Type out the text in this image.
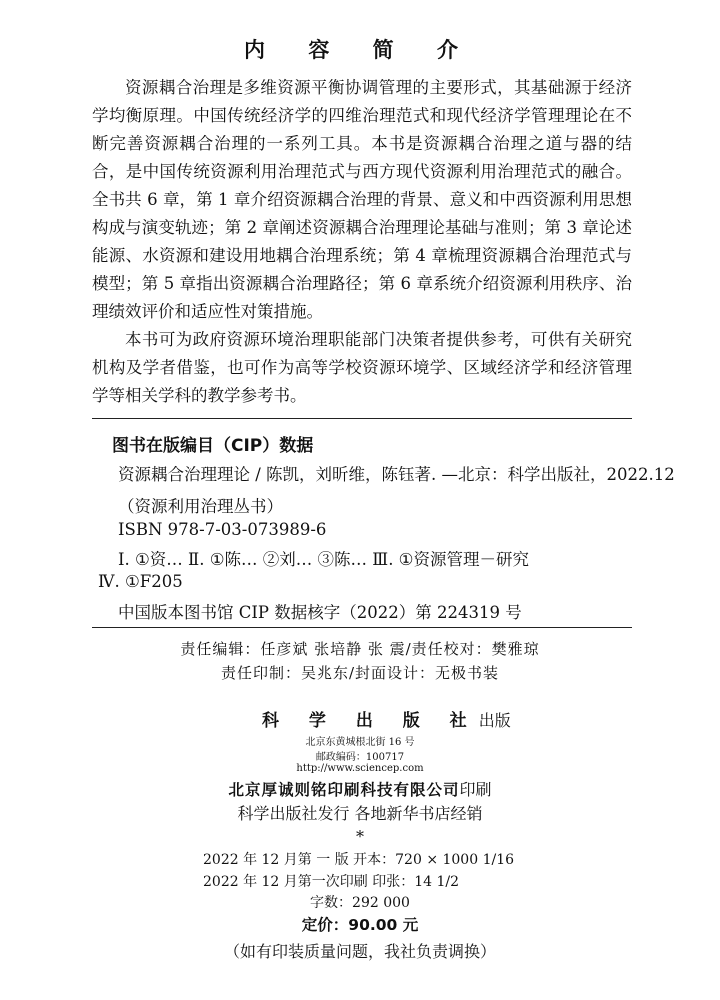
内 容 简 介

资源耦合治理是多维资源平衡协调管理的主要形式，其基础源于经济学均衡原理。中国传统经济学的四维治理范式和现代经济学管理理论在不断完善资源耦合治理的一系列工具。本书是资源耦合治理之道与器的结合，是中国传统资源利用治理范式与西方现代资源利用治理范式的融合。全书共 6 章，第 1 章介绍资源耦合治理的背景、意义和中西资源利用思想构成与演变轨迹；第 2 章阐述资源耦合治理理论基础与准则；第 3 章论述能源、水资源和建设用地耦合治理系统；第 4 章梳理资源耦合治理范式与模型；第 5 章指出资源耦合治理路径；第 6 章系统介绍资源利用秩序、治理绩效评价和适应性对策措施。

本书可为政府资源环境治理职能部门决策者提供参考，可供有关研究机构及学者借鉴，也可作为高等学校资源环境学、区域经济学和经济管理学等相关学科的教学参考书。

图书在版编目（CIP）数据
资源耦合治理理论 / 陈凯，刘昕维，陈钰著. —北京：科学出版社，2022.12
（资源利用治理丛书）
ISBN 978-7-03-073989-6
Ⅰ. ①资… Ⅱ. ①陈… ②刘… ③陈… Ⅲ. ①资源管理－研究
Ⅳ. ①F205
中国版本图书馆 CIP 数据核字（2022）第 224319 号
责任编辑：任彦斌 张培静 张 震/责任校对：樊雅琼
责任印制：吴兆东/封面设计：无极书装
科 学 出 版 社出版
北京东黄城根北街 16 号
邮政编码：100717
http://www.sciencep.com
北京厚诚则铭印刷科技有限公司印刷
科学出版社发行 各地新华书店经销
*
2022 年 12 月第 一 版 开本：720 × 1000 1/16
2022 年 12 月第一次印刷 印张：14 1/2
字数：292 000
定价：90.00 元
（如有印装质量问题，我社负责调换）
